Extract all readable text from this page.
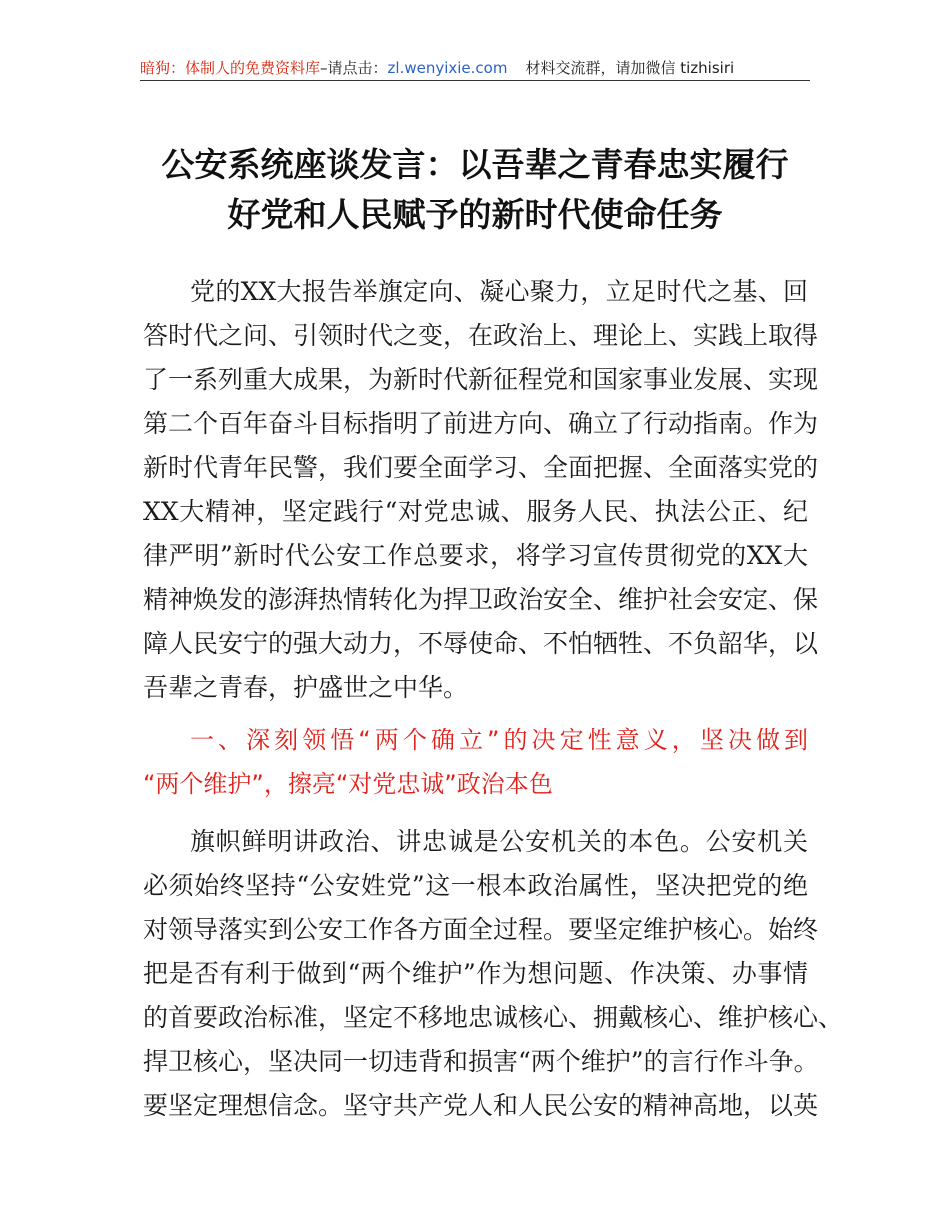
暗狗：体制人的免费资料库–请点击：zl.wenyixie.com 材料交流群，请加微信 tizhisiri
公安系统座谈发言：以吾辈之青春忠实履行
好党和人民赋予的新时代使命任务
党的XX大报告举旗定向、凝心聚力，立足时代之基、回
答时代之问、引领时代之变，在政治上、理论上、实践上取得
了一系列重大成果，为新时代新征程党和国家事业发展、实现
第二个百年奋斗目标指明了前进方向、确立了行动指南。作为
新时代青年民警，我们要全面学习、全面把握、全面落实党的
XX大精神，坚定践行“对党忠诚、服务人民、执法公正、纪
律严明”新时代公安工作总要求，将学习宣传贯彻党的XX大
精神焕发的澎湃热情转化为捍卫政治安全、维护社会安定、保
障人民安宁的强大动力，不辱使命、不怕牺牲、不负韶华，以
吾辈之青春，护盛世之中华。
一、深刻领悟“两个确立”的决定性意义，坚决做到
“两个维护”，擦亮“对党忠诚”政治本色
旗帜鲜明讲政治、讲忠诚是公安机关的本色。公安机关
必须始终坚持“公安姓党”这一根本政治属性，坚决把党的绝
对领导落实到公安工作各方面全过程。要坚定维护核心。始终
把是否有利于做到“两个维护”作为想问题、作决策、办事情
的首要政治标准，坚定不移地忠诚核心、拥戴核心、维护核心、
捍卫核心，坚决同一切违背和损害“两个维护”的言行作斗争。
要坚定理想信念。坚守共产党人和人民公安的精神高地，以英
